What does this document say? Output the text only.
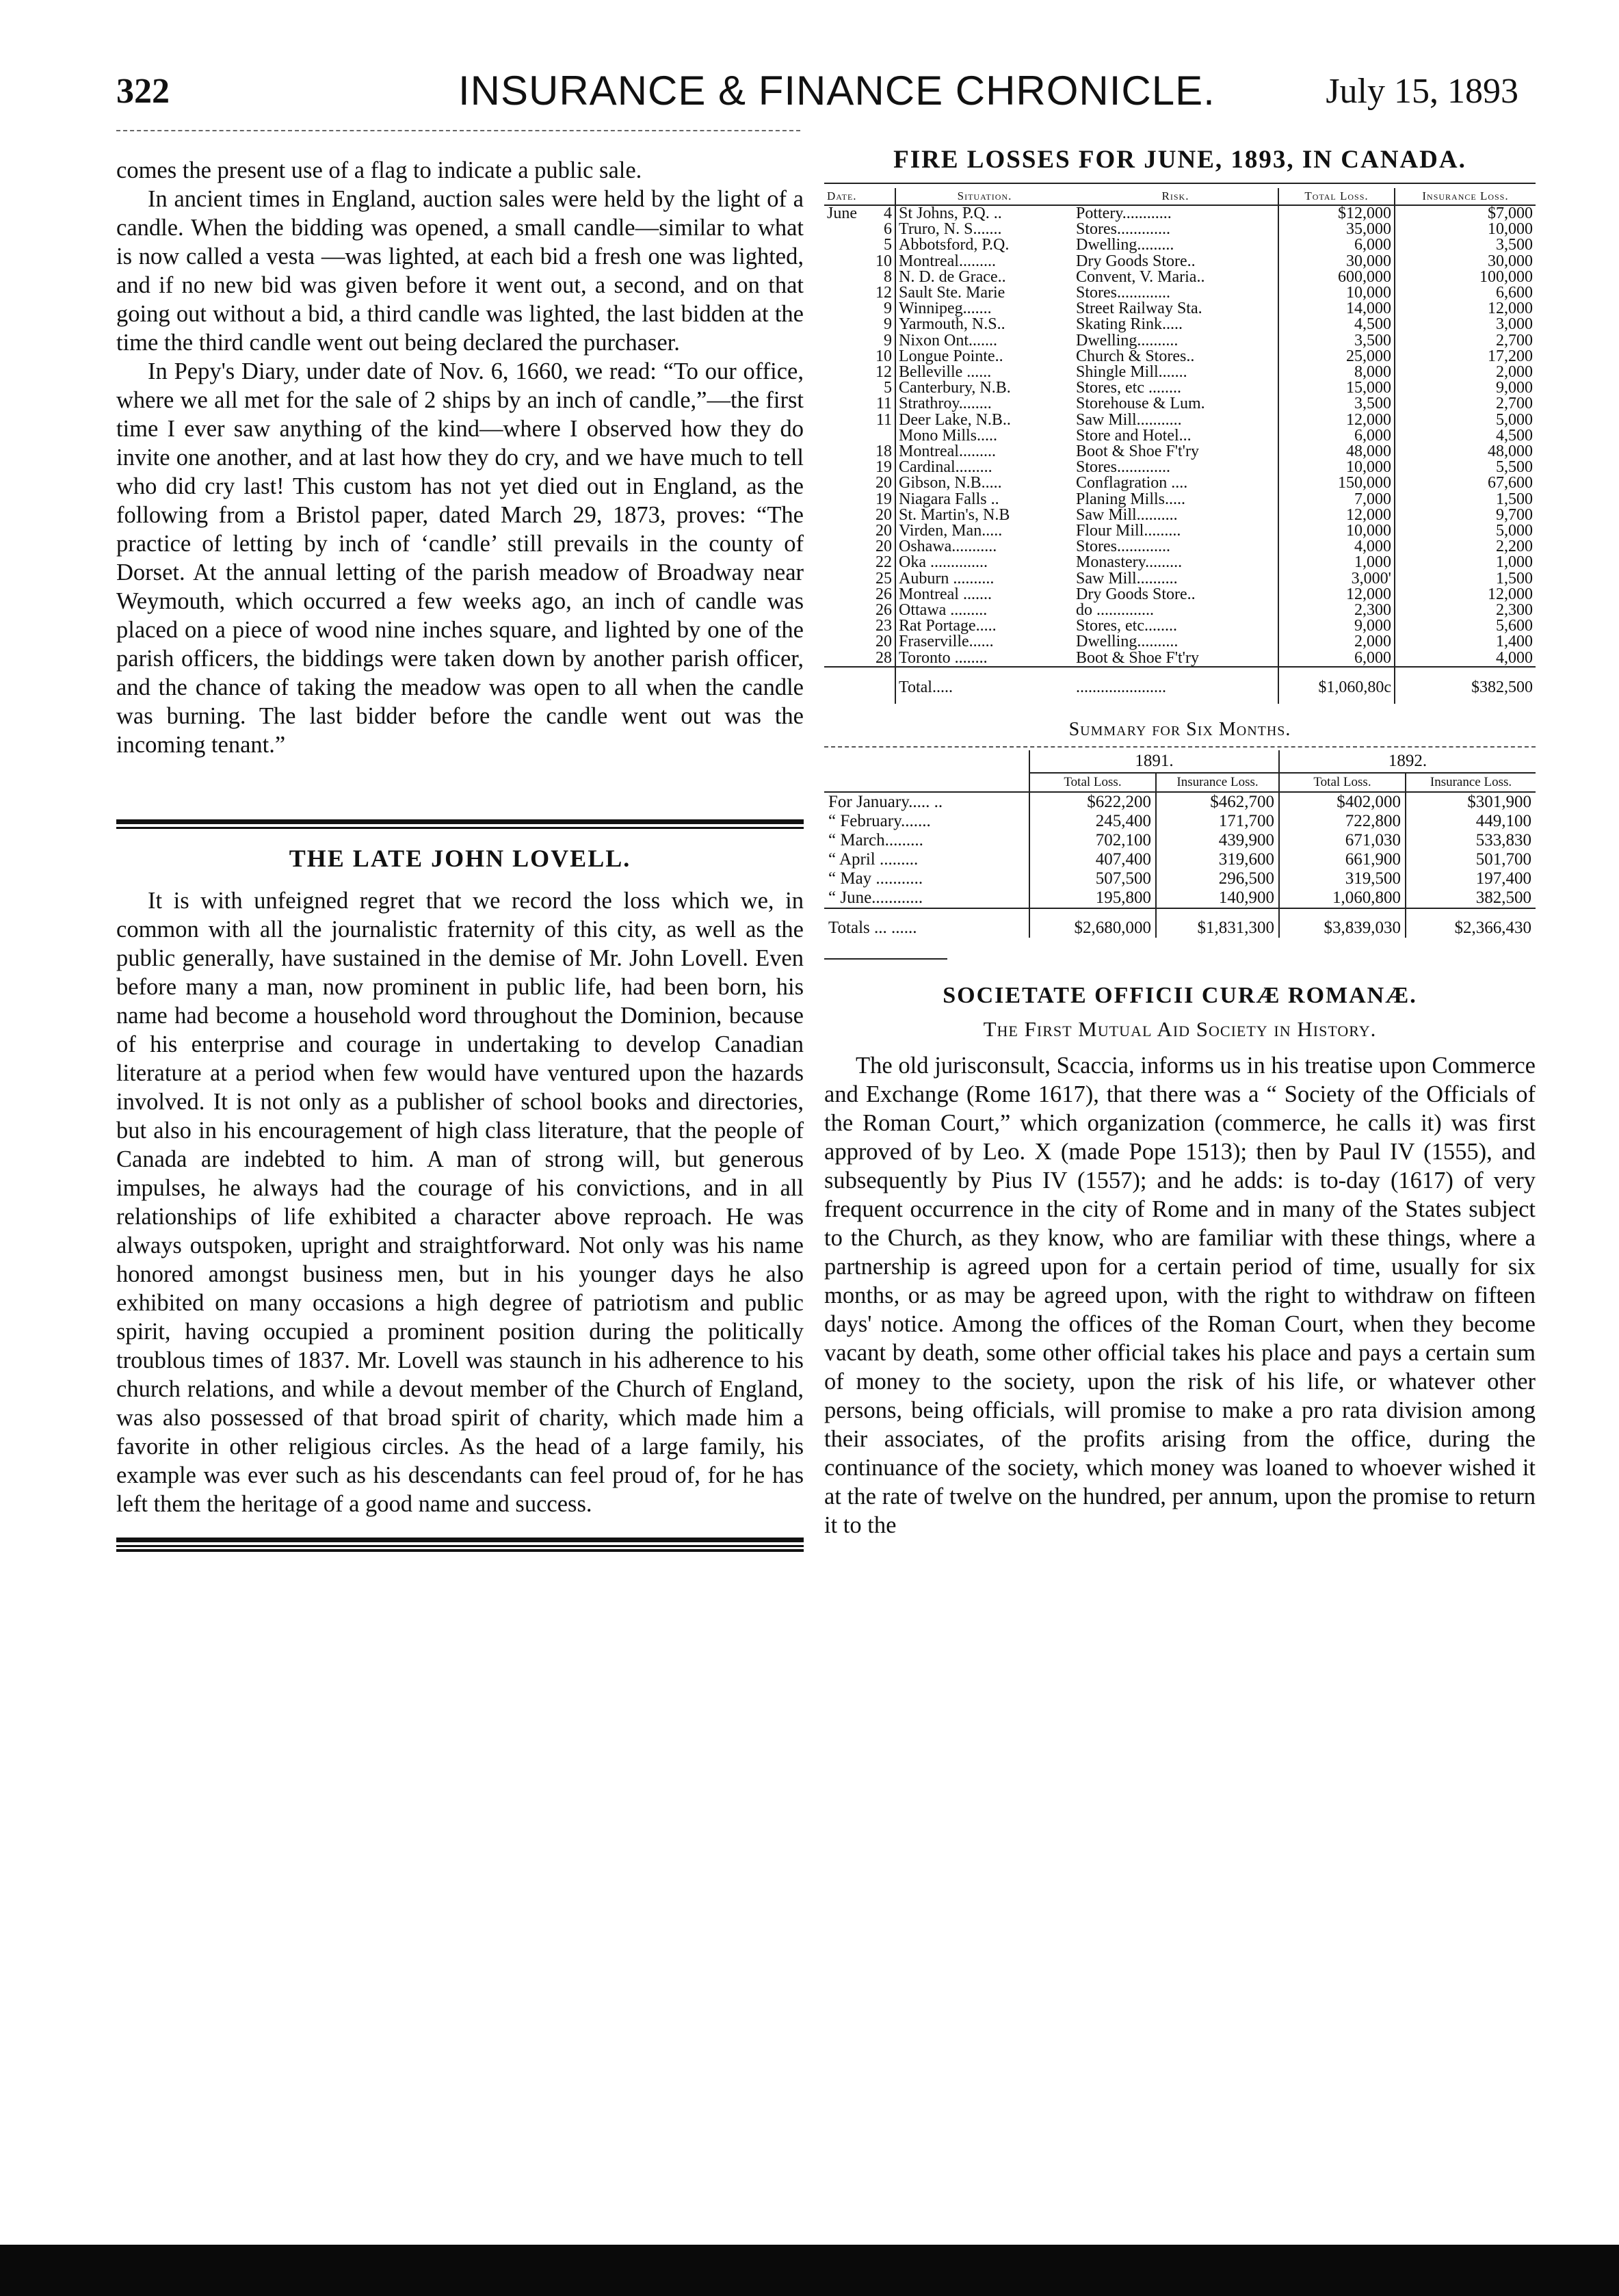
322	INSURANCE & FINANCE CHRONICLE.	July 15, 1893

comes the present use of a flag to indicate a public sale.

In ancient times in England, auction sales were held by the light of a candle. When the bidding was opened, a small candle—similar to what is now called a vesta —was lighted, at each bid a fresh one was lighted, and if no new bid was given before it went out, a second, and on that going out without a bid, a third candle was lighted, the last bidden at the time the third candle went out being declared the purchaser.

In Pepy's Diary, under date of Nov. 6, 1660, we read: “To our office, where we all met for the sale of 2 ships by an inch of candle,”—the first time I ever saw anything of the kind—where I observed how they do invite one another, and at last how they do cry, and we have much to tell who did cry last! This custom has not yet died out in England, as the following from a Bristol paper, dated March 29, 1873, proves: “The practice of letting by inch of ‘candle’ still prevails in the county of Dorset. At the annual letting of the parish meadow of Broadway near Weymouth, which occurred a few weeks ago, an inch of candle was placed on a piece of wood nine inches square, and lighted by one of the parish officers, the biddings were taken down by another parish officer, and the chance of taking the meadow was open to all when the candle was burning. The last bidder before the candle went out was the incoming tenant.”

THE LATE JOHN LOVELL.

It is with unfeigned regret that we record the loss which we, in common with all the journalistic fraternity of this city, as well as the public generally, have sustained in the demise of Mr. John Lovell. Even before many a man, now prominent in public life, had been born, his name had become a household word throughout the Dominion, because of his enterprise and courage in undertaking to develop Canadian literature at a period when few would have ventured upon the hazards involved. It is not only as a publisher of school books and directories, but also in his encouragement of high class literature, that the people of Canada are indebted to him. A man of strong will, but generous impulses, he always had the courage of his convictions, and in all relationships of life exhibited a character above reproach. He was always outspoken, upright and straightforward. Not only was his name honored amongst business men, but in his younger days he also exhibited on many occasions a high degree of patriotism and public spirit, having occupied a prominent position during the politically troublous times of 1837. Mr. Lovell was staunch in his adherence to his church relations, and while a devout member of the Church of England, was also possessed of that broad spirit of charity, which made him a favorite in other religious circles. As the head of a large family, his example was ever such as his descendants can feel proud of, for he has left them the heritage of a good name and success.

FIRE LOSSES FOR JUNE, 1893, IN CANADA.
Date.		Situation.	Risk.	Total Loss.	Insurance Loss.
June	4	St Johns, P.Q. ..	Pottery............	$12,000	$7,000
	6	Truro, N. S.......	Stores.............	35,000	10,000
	5	Abbotsford, P.Q.	Dwelling.........	6,000	3,500
	10	Montreal.........	Dry Goods Store..	30,000	30,000
	8	N. D. de Grace..	Convent, V. Maria..	600,000	100,000
	12	Sault Ste. Marie	Stores.............	10,000	6,600
	9	Winnipeg.......	Street Railway Sta.	14,000	12,000
	9	Yarmouth, N.S..	Skating Rink.....	4,500	3,000
	9	Nixon Ont.......	Dwelling..........	3,500	2,700
	10	Longue Pointe..	Church & Stores..	25,000	17,200
	12	Belleville ......	Shingle Mill.......	8,000	2,000
	5	Canterbury, N.B.	Stores, etc ........	15,000	9,000
	11	Strathroy........	Storehouse & Lum.	3,500	2,700
	11	Deer Lake, N.B..	Saw Mill...........	12,000	5,000
		Mono Mills.....	Store and Hotel...	6,000	4,500
	18	Montreal.........	Boot & Shoe F't'ry	48,000	48,000
	19	Cardinal.........	Stores.............	10,000	5,500
	20	Gibson, N.B.....	Conflagration ....	150,000	67,600
	19	Niagara Falls ..	Planing Mills.....	7,000	1,500
	20	St. Martin's, N.B	Saw Mill..........	12,000	9,700
	20	Virden, Man.....	Flour Mill.........	10,000	5,000
	20	Oshawa...........	Stores.............	4,000	2,200
	22	Oka ..............	Monastery.........	1,000	1,000
	25	Auburn ..........	Saw Mill..........	3,000'	1,500
	26	Montreal .......	Dry Goods Store..	12,000	12,000
	26	Ottawa .........	do ..............	2,300	2,300
	23	Rat Portage.....	Stores, etc........	9,000	5,600
	20	Fraserville......	Dwelling..........	2,000	1,400
	28	Toronto ........	Boot & Shoe F't'ry	6,000	4,000
		Total.....	......................	$1,060,80c	$382,500
Summary for Six Months.
	1891.		1892.	
	Total Loss.	Insurance Loss.	Total Loss.	Insurance Loss.
For January..... ..	$622,200	$462,700	$402,000	$301,900
“ February.......	245,400	171,700	722,800	449,100
“ March.........	702,100	439,900	671,030	533,830
“ April .........	407,400	319,600	661,900	501,700
“ May ...........	507,500	296,500	319,500	197,400
“ June............	195,800	140,900	1,060,800	382,500
Totals ... ......	$2,680,000	$1,831,300	$3,839,030	$2,366,430
SOCIETATE OFFICII CURÆ ROMANÆ.
The First Mutual Aid Society in History.

The old jurisconsult, Scaccia, informs us in his treatise upon Commerce and Exchange (Rome 1617), that there was a “ Society of the Officials of the Roman Court,” which organization (commerce, he calls it) was first approved of by Leo. X (made Pope 1513); then by Paul IV (1555), and subsequently by Pius IV (1557); and he adds: is to-day (1617) of very frequent occurrence in the city of Rome and in many of the States subject to the Church, as they know, who are familiar with these things, where a partnership is agreed upon for a certain period of time, usually for six months, or as may be agreed upon, with the right to withdraw on fifteen days' notice. Among the offices of the Roman Court, when they become vacant by death, some other official takes his place and pays a certain sum of money to the society, upon the risk of his life, or whatever other persons, being officials, will promise to make a pro rata division among their associates, of the profits arising from the office, during the continuance of the society, which money was loaned to whoever wished it at the rate of twelve on the hundred, per annum, upon the promise to return it to the
